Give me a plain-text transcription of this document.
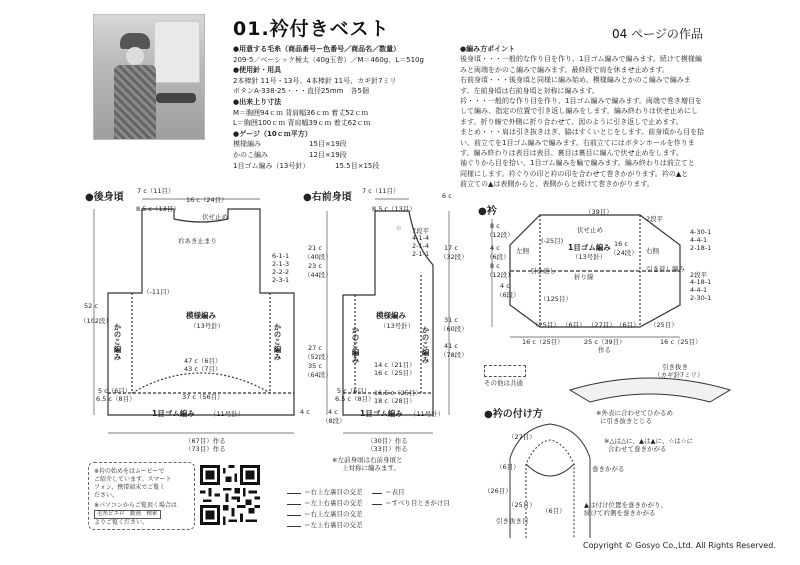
01.衿付きベスト	04 ページの作品
●用意する毛糸（商品番号ー色番号／商品名／数量）
209-5／ベーシック極太（40g玉巻）／M＝460g、L＝510g
●使用針・用具
2本棒針 11号・13号、4本棒針 11号、カギ針7ミリ
ボタンA-338-25・・・直径25mm　各5個
●出来上り寸法
M＝胸囲94ｃｍ 背肩幅36ｃｍ 着丈52ｃｍ
L＝胸囲100ｃｍ 背肩幅39ｃｍ 着丈62ｃｍ
●ゲージ（10ｃｍ平方）
模様編み	15目×19段
かのこ編み	12目×19段
1目ゴム編み（13号針）	15.5目×15段
●編み方ポイント

後身頃・・・一般的な作り目を作り、1目ゴム編みで編みます。続けて模様編

みと両端をかのこ編みで編みます。最終段で肩を休ませ止めます。

右前身頃・・・後身頃と同様に編み始め、模様編みとかのこ編みで編みま

す。左前身頃は右前身頃と対称に編みます。

衿・・・一般的な作り目を作り、1目ゴム編みで編みます。両端で巻き増目を

して編み、指定の位置で引き返し編みをします。編み終わりは伏せ止めにし

ます。折り線で外側に折り合わせて、図のように引き返しで止めます。

まとめ・・・肩は引き抜きはぎ、脇はすくいとじをします。前身頃から目を拾

い、前立てを1目ゴム編みで編みます。右前立てにはボタンホールを作りま

す。編み終わりは表目は表目、裏目は裏目に編んで伏せ止めをします。

袖ぐりから目を拾い、1目ゴム編みを輪で編みます。編み終わりは前立てと

同様にします。衿ぐりの印と衿の印を合わせて巻きかがります。衿の▲と

前立ての▲は表側からと、表側からと続けて巻きかがります。

●後身頃	●右前身頃
●衿
●衿の付け方
7 c（11目）
16 c（24目）
8.5 c（13目）
伏せ止め
衿あき止まり
6-1-1
2-1-3
2-2-2
2-3-1
（-11目）
52 c
（102段）
模様編み
（13号針）
かのこ編み	かのこ編み
47 c（6目）
43 c（7目）
5 c（6目）
6.5 c（8目）	37 c（56目）
1目ゴム編み （11号針）	4 c
（67目）作る
（73目）作る
7 c（11目）
8.5 c（13目）
6 c
7段平
4-1-4
2-1-4
2-1-1
☆
21 c
（40段）
23 c
（44段）
27 c
（52段）
35 c
（64段）
17 c
（32段）
31 c
（60段）
41 c
（78段）
模様編み
（13号針）
かのこ編み	かのこ編み
14 c（21目）
16 c（25目）
16.5 c（25目）
18 c（28目）
5 c（6目）
6.5 c（8目）
1目ゴム編み （11号針）
4 c
（8段）
（30目）作る
（33目）作る
※左前身頃は右前身頃と
上対称に編みます。
（39目）
伏せ止め
(-25目)
1目ゴム編み
（13号針）
左側	右側
折り線
引き返し	引き返し編み
（125目）
8 c
（12段）
8 c
（12段）
4 c
（6段）
4 c
（6段）
16 c
（24段）
2段平
4-30-1
4-4-1
2-18-1
2段平
4-18-1
4-4-1
2-30-1
（25目） （6目） （27目） （6目） （25目）
16 c（25目）	25 c（39目）	16 c（25目）
作る
その他は共通
引き抜き
（カギ針7ミリ）
※外表に合わせてひかるめ
に引き抜きとじる
（27目）
（6目）
（26目）
（25目）
（6目）
※△は△に、▲は▲に、☆は☆に
合わせて巻きかがる
巻きかがる
引き抜き目
▲は付け位置を巻きかがり、
続けて衿側を巻きかがる
※衿の始めをはムービーで
ご紹介しています。スマート
フォン、携帯端末でご覧く
ださい。
※パソコンからご覧頂く場合は
毛糸ピエロ　動画　検索
よりご覧ください。
＝右上左裏目の交差
＝左上右裏目の交差
＝右上左裏目の交差
＝左上右裏目の交差
＝表目
＝すべり目ときがけ目
Copyright © Gosyo Co.,Ltd. All Rights Reserved.
